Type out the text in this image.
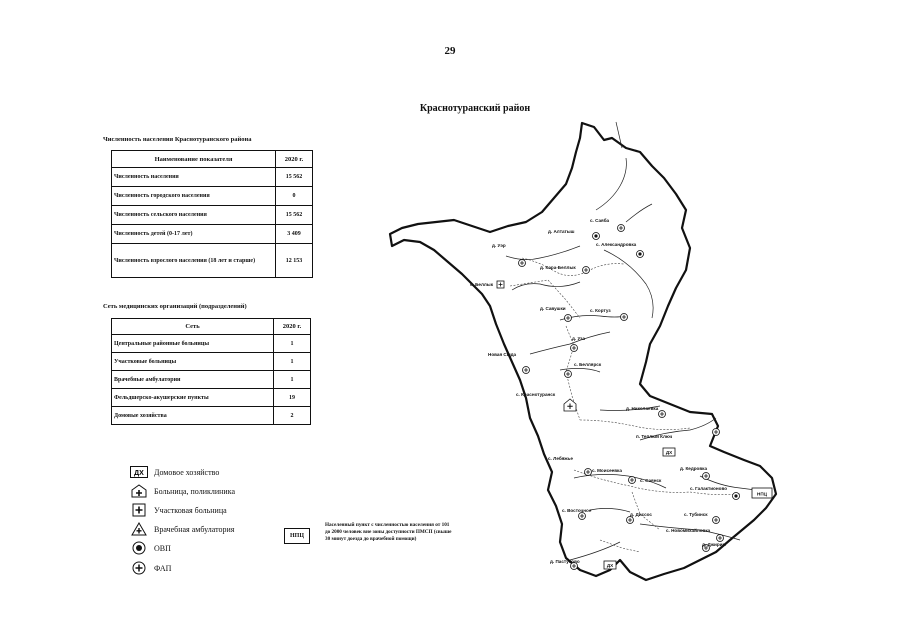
29
Краснотуранский район
Численность населения Краснотуранского района
Наименование показателя	2020 г.
Численность населения	15 562
Численность городского населения	0
Численность сельского населения	15 562
Численность детей (0-17 лет)	3 409
Численность взрослого населения (18 лет и старше)	12 153
Сеть медицинских организаций (подразделений)
Сеть	2020 г.
Центральные районные больницы	1
Участковые больницы	1
Врачебные амбулатории	1
Фельдшерско-акушерские пункты	19
Домовые хозяйства	2
ДХ Домовое хозяйство
Больница, поликлиника
Участковая больница
Врачебная амбулатория
ОВП
ФАП
НПЦ
Населенный пункт с численностью населения от 101 до 2000 человек вне зоны доступности ПМСП (свыше 30 минут доезда до врачебной помощи)
ДХ
ДХ
НПЦ
с. Саяба
д. Алтатыш
с. Александровка
д. Уэр
д. Кара-Беллык
с. Беллык
д. Савушки	с. Кортуз
д. Уза
Новая Сыда
с. Беллярск
с. Краснотуранск
д. Николаевка
п. Теплый Ключ
д. Кедровка
с. Лебяжье
с. Моисеевка
с. Саянск
с. Галактионово
с. Восточное
д. Диссос	с. Тубинск
с. Новомихайловка
д. Пастухово
д. Джирим
